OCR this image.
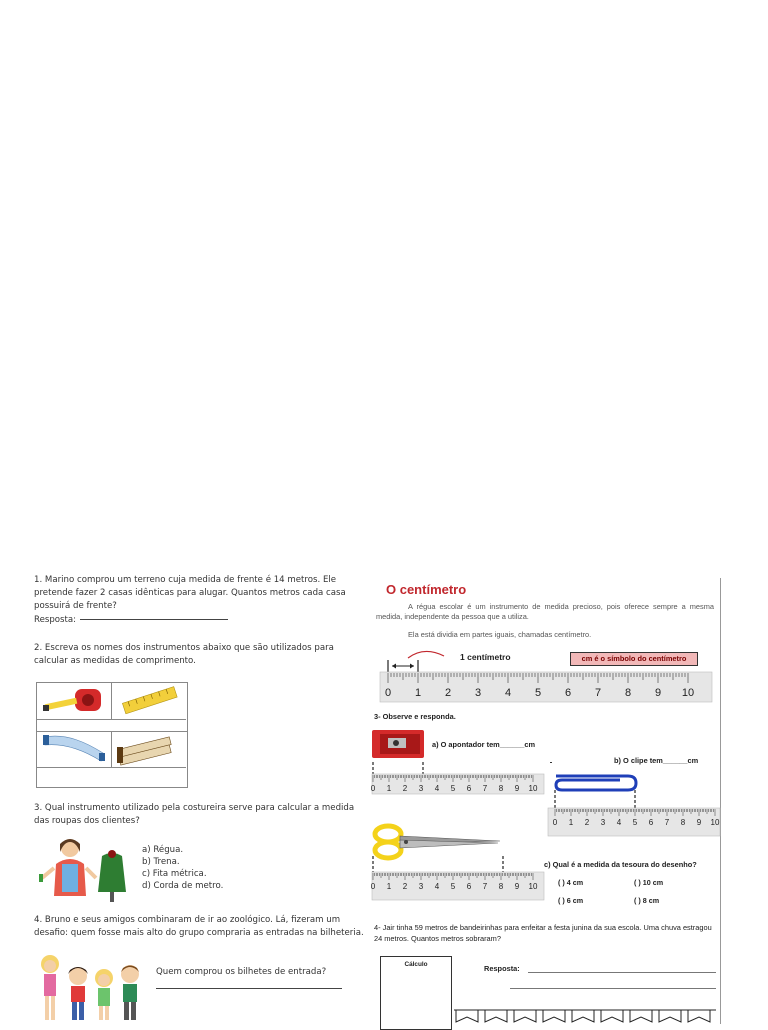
1. Marino comprou um terreno cuja medida de frente é 14 metros. Ele pretende fazer 2 casas idênticas para alugar. Quantos metros cada casa possuirá de frente?

Resposta:

2. Escreva os nomes dos instrumentos abaixo que são utilizados para calcular as medidas de comprimento.

3. Qual instrumento utilizado pela costureira serve para calcular a medida das roupas dos clientes?

a) Régua.
b) Trena.
c) Fita métrica.
d) Corda de metro.

4. Bruno e seus amigos combinaram de ir ao zoológico. Lá, fizeram um desafio: quem fosse mais alto do grupo compraria as entradas na bilheteria.

Quem comprou os bilhetes de entrada?
O centímetro
A régua escolar é um instrumento de medida precioso, pois oferece sempre a mesma medida, independente da pessoa que a utiliza.
Ela está dividia em partes iguais, chamadas centímetro.
1 centímetro	cm é o símbolo do centímetro
0 1 2 3 4 5 6 7 8 9 10
3- Observe e responda.
a) O apontador tem______cm
0 1 2 3 4 5 6 7 8 9 10
b) O clipe tem______cm
0 1 2 3 4 5 6 7 8 9 10
c) Qual é a medida da tesoura do desenho?
0 1 2 3 4 5 6 7 8 9 10	( ) 4 cm	( ) 10 cm
( ) 6 cm	( ) 8 cm
4- Jair tinha 59 metros de bandeirinhas para enfeitar a festa junina da sua escola. Uma chuva estragou 24 metros. Quantos metros sobraram?
Cálculo	Resposta:
